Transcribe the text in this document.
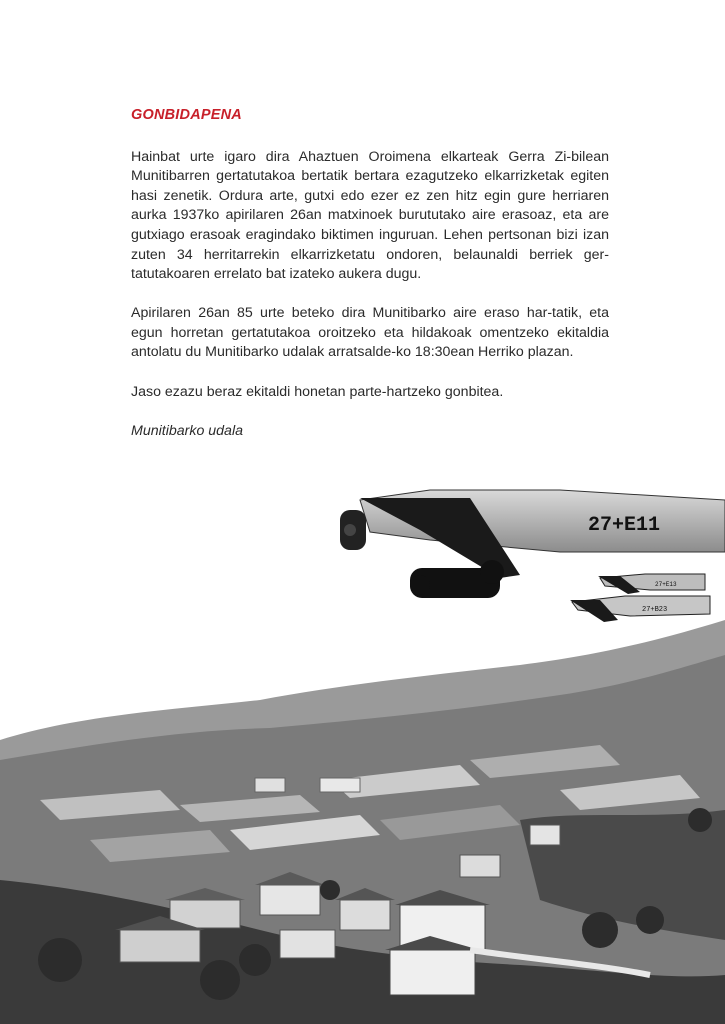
GONBIDAPENA

Hainbat urte igaro dira Ahaztuen Oroimena elkarteak Gerra Zi-bilean Munitibarren gertatutakoa bertatik bertara ezagutzeko elkarrizketak egiten hasi zenetik. Ordura arte, gutxi edo ezer ez zen hitz egin gure herriaren aurka 1937ko apirilaren 26an matxinoek burututako aire erasoaz, eta are gutxiago erasoak eragindako biktimen inguruan. Lehen pertsonan bizi izan zuten 34 herritarrekin elkarrizketatu ondoren, belaunaldi berriek ger-tatutakoaren errelato bat izateko aukera dugu.

Apirilaren 26an 85 urte beteko dira Munitibarko aire eraso har-tatik, eta egun horretan gertatutakoa oroitzeko eta hildakoak omentzeko ekitaldia antolatu du Munitibarko udalak arratsalde-ko 18:30ean Herriko plazan.

Jaso ezazu beraz ekitaldi honetan parte-hartzeko gonbitea.

Munitibarko udala

27+E11
27+E13
27+B23
